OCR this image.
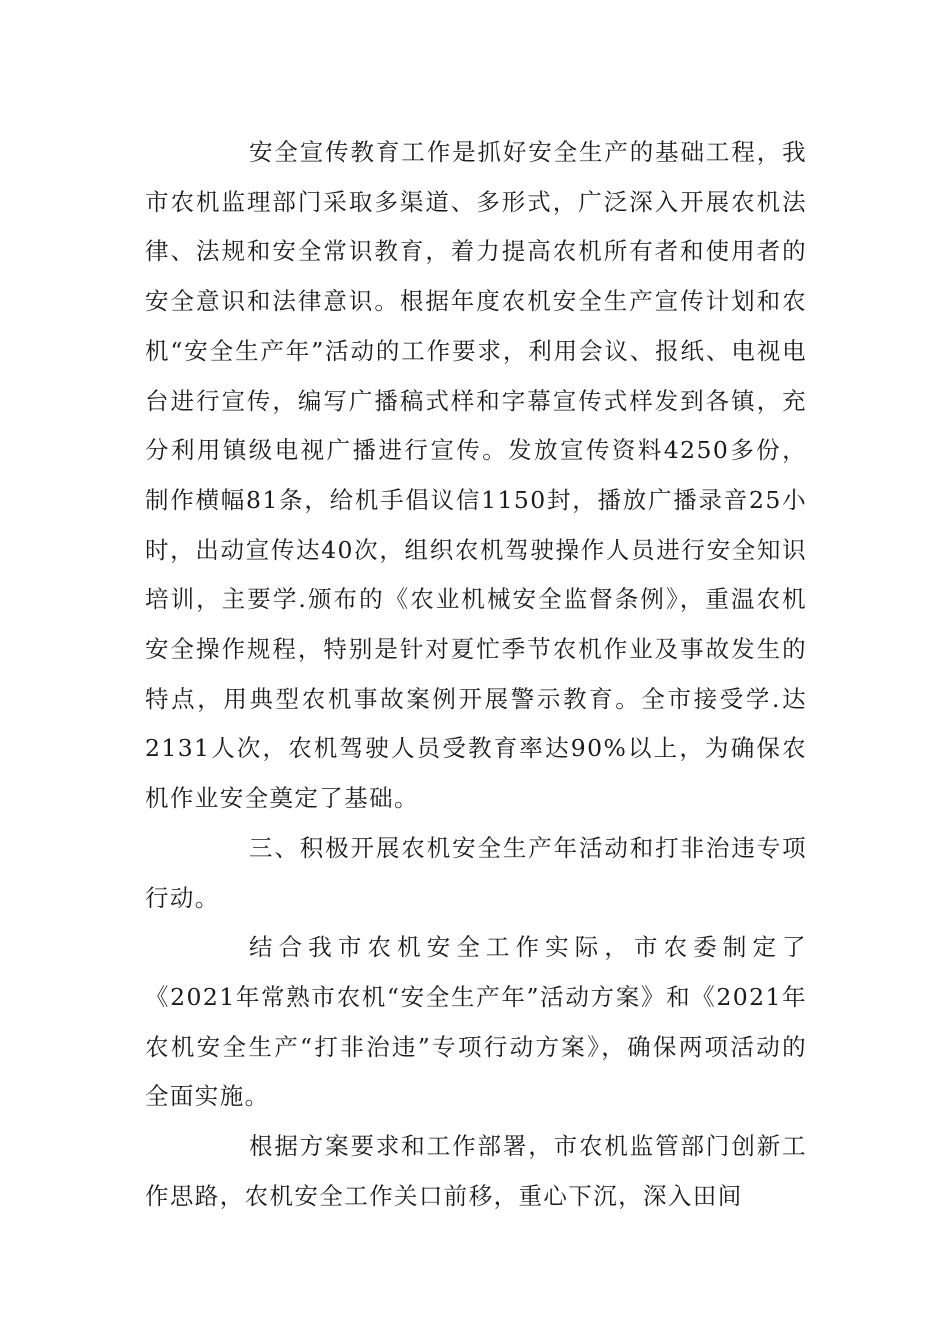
安全宣传教育工作是抓好安全生产的基础工程，我市农机监理部门采取多渠道、多形式，广泛深入开展农机法律、法规和安全常识教育，着力提高农机所有者和使用者的安全意识和法律意识。根据年度农机安全生产宣传计划和农机“安全生产年”活动的工作要求，利用会议、报纸、电视电台进行宣传，编写广播稿式样和字幕宣传式样发到各镇，充分利用镇级电视广播进行宣传。发放宣传资料4250多份，制作横幅81条，给机手倡议信1150封，播放广播录音25小时，出动宣传达40次，组织农机驾驶操作人员进行安全知识培训，主要学.颁布的《农业机械安全监督条例》，重温农机安全操作规程，特别是针对夏忙季节农机作业及事故发生的特点，用典型农机事故案例开展警示教育。全市接受学.达2131人次，农机驾驶人员受教育率达90%以上，为确保农机作业安全奠定了基础。

三、积极开展农机安全生产年活动和打非治违专项行动。

结合我市农机安全工作实际，市农委制定了《2021年常熟市农机“安全生产年”活动方案》和《2021年农机安全生产“打非治违”专项行动方案》，确保两项活动的全面实施。

根据方案要求和工作部署，市农机监管部门创新工作思路，农机安全工作关口前移，重心下沉，深入田间
